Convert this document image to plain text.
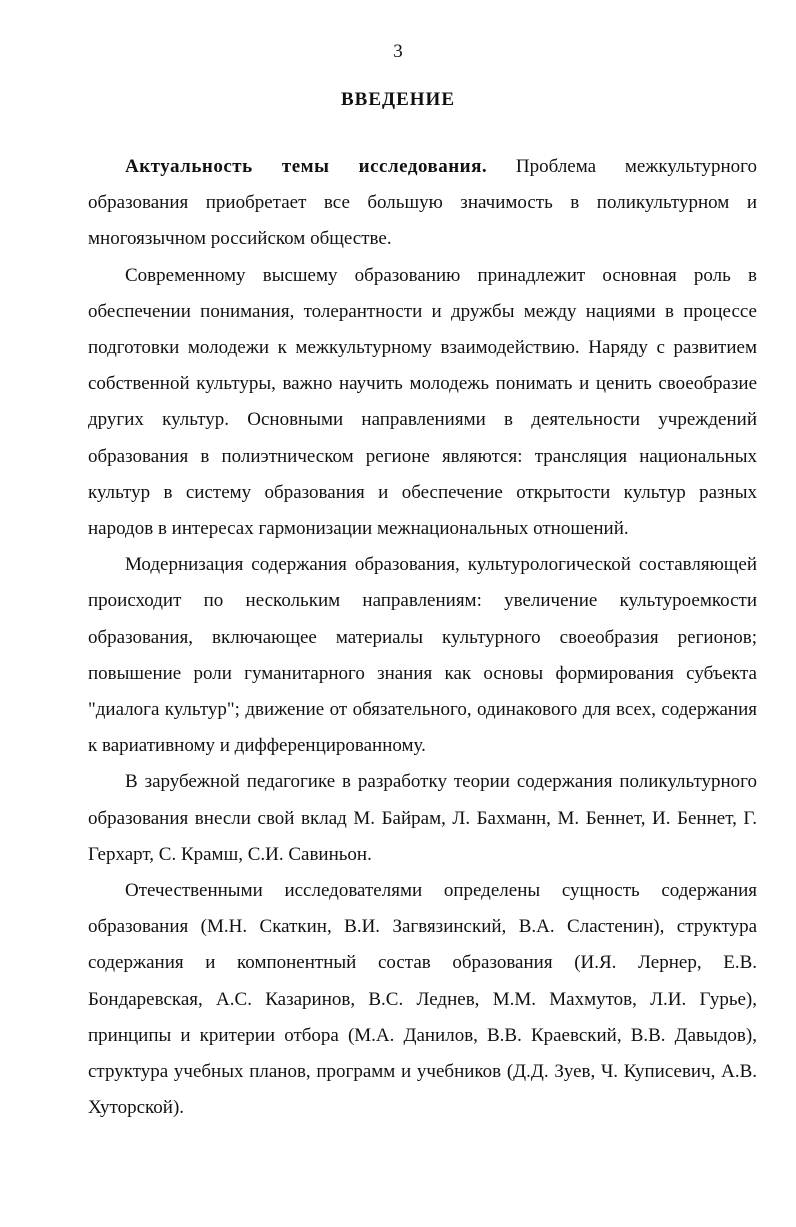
3
ВВЕДЕНИЕ

Актуальность темы исследования. Проблема межкультурного образования приобретает все большую значимость в поликультурном и многоязычном российском обществе.

Современному высшему образованию принадлежит основная роль в обеспечении понимания, толерантности и дружбы между нациями в процессе подготовки молодежи к межкультурному взаимодействию. Наряду с развитием собственной культуры, важно научить молодежь понимать и ценить своеобразие других культур. Основными направлениями в деятельности учреждений образования в полиэтническом регионе являются: трансляция национальных культур в систему образования и обеспечение открытости культур разных народов в интересах гармонизации межнациональных отношений.

Модернизация содержания образования, культурологической составляющей происходит по нескольким направлениям: увеличение культуроемкости образования, включающее материалы культурного своеобразия регионов; повышение роли гуманитарного знания как основы формирования субъекта "диалога культур"; движение от обязательного, одинакового для всех, содержания к вариативному и дифференцированному.

В зарубежной педагогике в разработку теории содержания поликультурного образования внесли свой вклад М. Байрам, Л. Бахманн, М. Беннет, И. Беннет, Г. Герхарт, С. Крамш, С.И. Савиньон.

Отечественными исследователями определены сущность содержания образования (М.Н. Скаткин, В.И. Загвязинский, В.А. Сластенин), структура содержания и компонентный состав образования (И.Я. Лернер, Е.В. Бондаревская, А.С. Казаринов, В.С. Леднев, М.М. Махмутов, Л.И. Гурье), принципы и критерии отбора (М.А. Данилов, В.В. Краевский, В.В. Давыдов), структура учебных планов, программ и учебников (Д.Д. Зуев, Ч. Куписевич, А.В. Хуторской).
